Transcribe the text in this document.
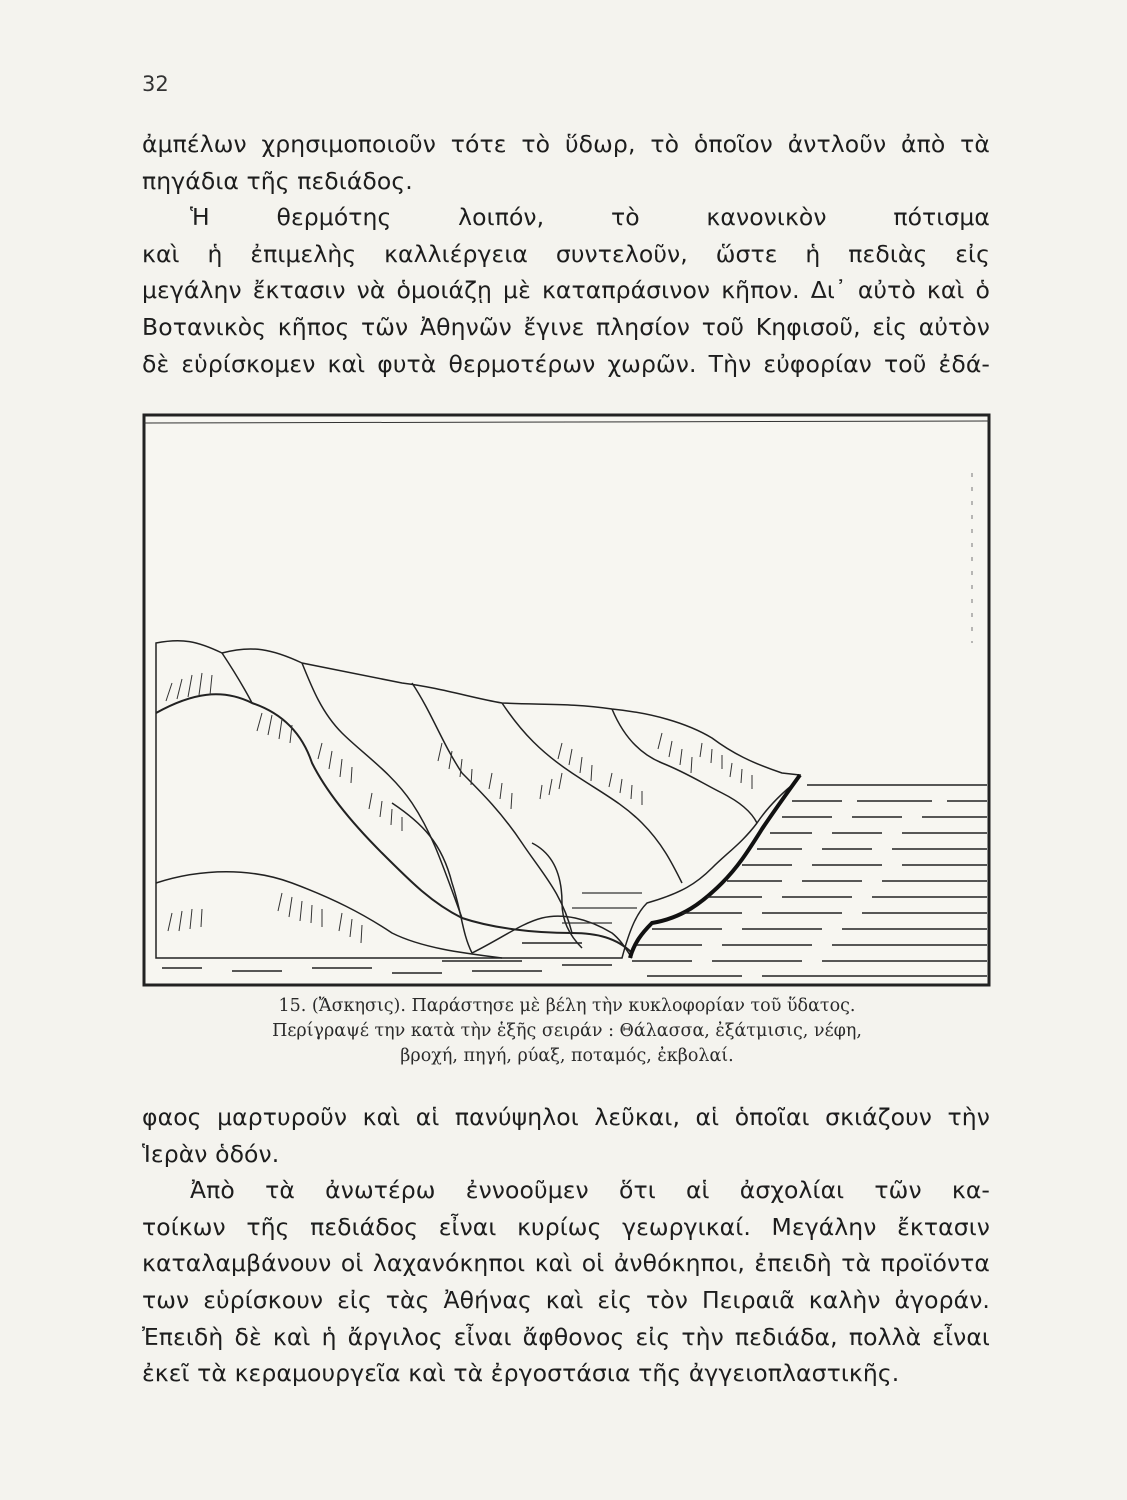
32
ἀμπέλων χρησιμοποιοῦν τότε τὸ ὕδωρ, τὸ ὁποῖον ἀντλοῦν ἀπὸ τὰ
πηγάδια τῆς πεδιάδος.
Ἡ θερμότης λοιπόν, τὸ κανονικὸν πότισμα
καὶ ἡ ἐπιμελὴς καλλιέργεια συντελοῦν, ὥστε ἡ πεδιὰς εἰς
μεγάλην ἔκτασιν νὰ ὁμοιάζῃ μὲ καταπράσινον κῆπον. Δι᾽ αὐτὸ καὶ ὁ
Βοτανικὸς κῆπος τῶν Ἀθηνῶν ἔγινε πλησίον τοῦ Κηφισοῦ, εἰς αὐτὸν
δὲ εὑρίσκομεν καὶ φυτὰ θερμοτέρων χωρῶν. Τὴν εὐφορίαν τοῦ ἐδά-
15. (Ἄσκησις). Παράστησε μὲ βέλη τὴν κυκλοφορίαν τοῦ ὕδατος.
Περίγραψέ την κατὰ τὴν ἑξῆς σειράν : Θάλασσα, ἐξάτμισις, νέφη,
βροχή, πηγή, ρύαξ, ποταμός, ἐκβολαί.
φαος μαρτυροῦν καὶ αἱ πανύψηλοι λεῦκαι, αἱ ὁποῖαι σκιάζουν τὴν
Ἱερὰν ὁδόν.
Ἀπὸ τὰ ἀνωτέρω ἐννοοῦμεν ὅτι αἱ ἀσχολίαι τῶν κα-
τοίκων τῆς πεδιάδος εἶναι κυρίως γεωργικαί. Μεγάλην ἔκτασιν
καταλαμβάνουν οἱ λαχανόκηποι καὶ οἱ ἀνθόκηποι, ἐπειδὴ τὰ προϊόντα
των εὑρίσκουν εἰς τὰς Ἀθήνας καὶ εἰς τὸν Πειραιᾶ καλὴν ἀγοράν.
Ἐπειδὴ δὲ καὶ ἡ ἄργιλος εἶναι ἄφθονος εἰς τὴν πεδιάδα, πολλὰ εἶναι
ἐκεῖ τὰ κεραμουργεῖα καὶ τὰ ἐργοστάσια τῆς ἀγγειοπλαστικῆς.
